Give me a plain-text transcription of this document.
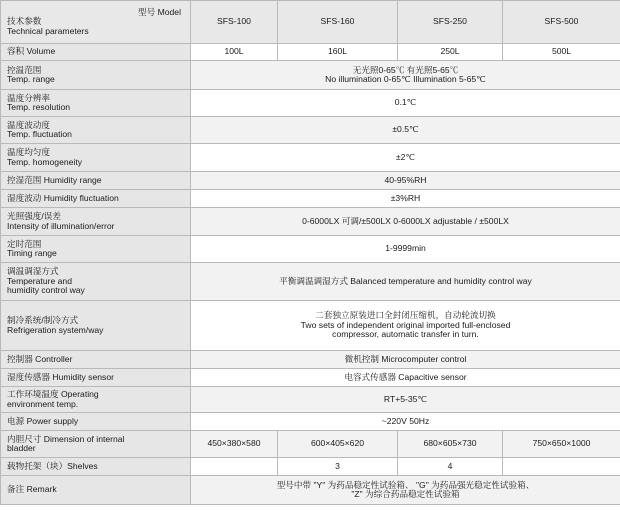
型号 Model
技术参数
Technical parameters	SFS-100	SFS-160	SFS-250	SFS-500

容积 Volume	100L	160L	250L	500L

控温范围
Temp. range	无光照0-65℃ 有光照5-65℃
No illumination 0-65℃ Illumination 5-65℃			

温度分辨率
Temp. resolution	0.1℃			

温度波动度
Temp. fluctuation	±0.5℃			

温度均匀度
Temp. homogeneity	±2℃			

控湿范围 Humidity range	40-95%RH			

湿度波动 Humidity fluctuation	±3%RH			

光照强度/误差
Intensity of illumination/error	0-6000LX 可调/±500LX 0-6000LX adjustable / ±500LX			

定时范围
Timing range	1-9999min			

调温调湿方式
Temperature and
humidity control way	平衡调温调湿方式 Balanced temperature and humidity control way			

制冷系统/制冷方式
Refrigeration system/way	二套独立原装进口全封闭压缩机，自动轮流切换
Two sets of independent original imported full-enclosed
compressor, automatic transfer in turn.			

控制器 Controller	微机控制 Microcomputer control			

湿度传感器 Humidity sensor	电容式传感器 Capacitive sensor			

工作环境温度 Operating
environment temp.	RT+5-35℃			

电源 Power supply	~220V 50Hz			

内胆尺寸 Dimension of internal
bladder	450×380×580	600×405×620	680×605×730	750×650×1000

载物托架（块）Shelves		3	4	

备注 Remark	型号中带 "Y" 为药品稳定性试验箱、 "G" 为药品强光稳定性试验箱、
"Z" 为综合药品稳定性试验箱			
